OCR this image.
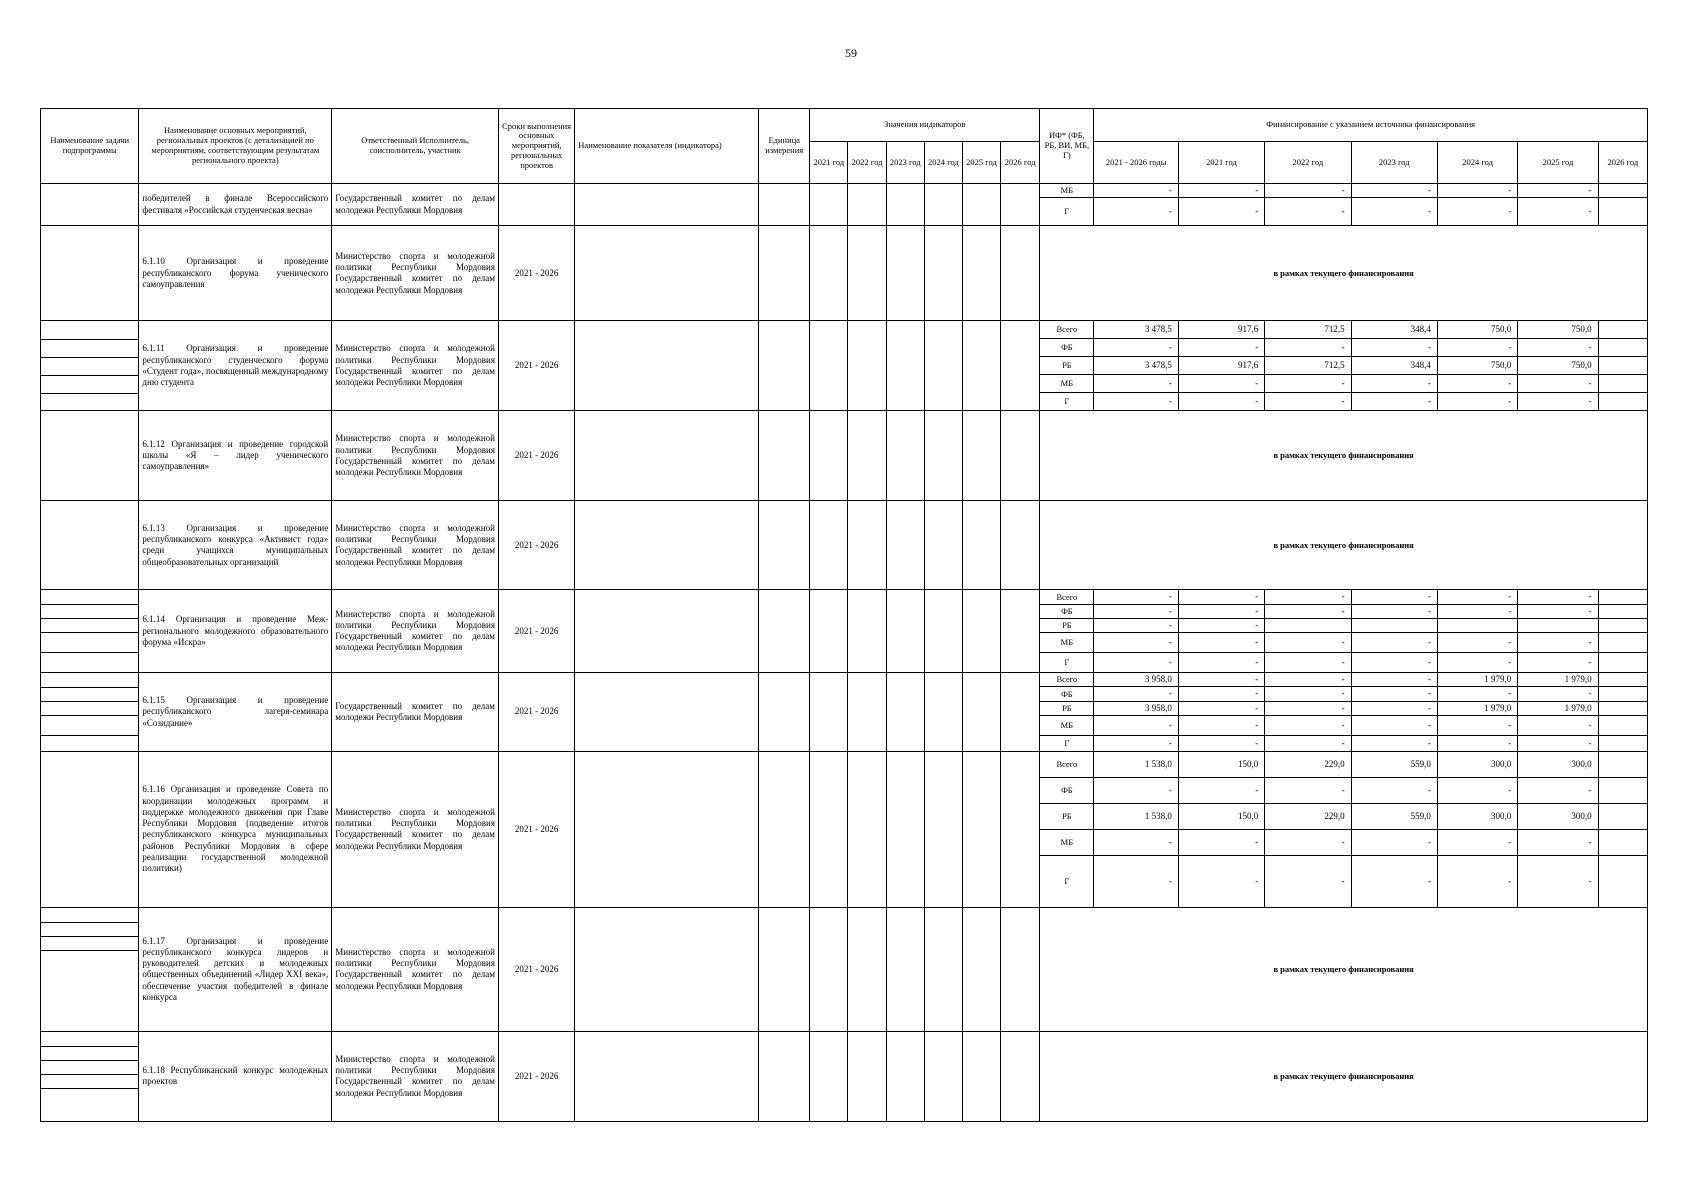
59
Наименование задачи подпрограммы	Наименование основных мероприятий, региональных проектов (с детализацией по мероприятиям, соответствующим результатам регионального проекта)	Ответственный Исполнитель, соисполнитель, участник	Сроки выполнения основных мероприятий, региональных проектов	Наименование показателя (индикатора)	Единица измерения	Значения индикаторов						ИФ* (ФБ, РБ, ВИ, МБ, Г)	Финансирование с указанием источника финансирования						
						2021 год	2022 год	2023 год	2024 год	2025 год	2026 год		2021 - 2026 годы	2021 год	2022 год	2023 год	2024 год	2025 год	2026 год
	победителей в финале Всероссийского фестиваля «Российская студенческая весна»	Государственный комитет по делам молодежи Республики Мордовия										МБ	-	-	-	-	-	-	
												Г	-	-	-	-	-	-	
	6.1.10 Организация и проведение республиканского форума ученического самоуправления	Министерство спорта и молодежной политики Республики Мордовия Государственный комитет по делам молодежи Республики Мордовия	2021 - 2026									в рамках текущего финансирования							

	6.1.11 Организация и проведение республиканского студенческого форума «Студент года», посвященный международному дню студента	Министерство спорта и молодежной политики Республики Мордовия Государственный комитет по делам молодежи Республики Мордовия	2021 - 2026									Всего	3 478,5	917,6	712,5	348,4	750,0	750,0	
												ФБ	-	-	-	-	-	-	
												РБ	3 478,5	917,6	712,5	348,4	750,0	750,0	
												МБ	-	-	-	-	-	-	
												Г	-	-	-	-	-	-	
	6.1.12 Организация и проведение городской школы «Я – лидер ученического самоуправления»	Министерство спорта и молодежной политики Республики Мордовия Государственный комитет по делам молодежи Республики Мордовия	2021 - 2026									в рамках текущего финансирования							
	6.1.13 Организация и проведение республиканского конкурса «Активист года» среди учащихся муниципальных общеобразовательных организаций	Министерство спорта и молодежной политики Республики Мордовия Государственный комитет по делам молодежи Республики Мордовия	2021 - 2026									в рамках текущего финансирования							

	6.1.14 Организация и проведение Меж-регионального молодежного образовательного форума «Искра»	Министерство спорта и молодежной политики Республики Мордовия Государственный комитет по делам молодежи Республики Мордовия	2021 - 2026									Всего	-	-	-	-	-	-	
												ФБ	-	-	-	-	-	-	
												РБ	-	-					
												МБ	-	-	-	-	-	-	
												Г	-	-	-	-	-	-	

	6.1.15 Организация и проведение республиканского лагеря-семинара «Созидание»	Государственный комитет по делам молодежи Республики Мордовия	2021 - 2026									Всего	3 958,0	-	-	-	1 979,0	1 979,0	
												ФБ	-	-	-	-	-	-	
												РБ	3 958,0	-	-	-	1 979,0	1 979,0	
												МБ	-	-	-	-	-	-	
												Г	-	-	-	-	-	-	
	6.1.16 Организация и проведение Совета по координации молодежных программ и поддержке молодежного движения при Главе Республики Мордовия (подведение итогов республиканского конкурса муниципальных районов Республики Мордовия в сфере реализации государственной молодежной политики)	Министерство спорта и молодежной политики Республики Мордовия Государственный комитет по делам молодежи Республики Мордовия	2021 - 2026									Всего	1 538,0	150,0	229,0	559,0	300,0	300,0	
												ФБ	-	-	-	-	-	-	
												РБ	1 538,0	150,0	229,0	559,0	300,0	300,0	
												МБ	-	-	-	-	-	-	
												Г	-	-	-	-	-	-	

	6.1.17 Организация и проведение республиканского конкурса лидеров и руководителей детских и молодежных общественных объединений «Лидер XXI века», обеспечение участия победителей в финале конкурса	Министерство спорта и молодежной политики Республики Мордовия Государственный комитет по делам молодежи Республики Мордовия	2021 - 2026									в рамках текущего финансирования							

	6.1.18 Республиканский конкурс молодежных проектов	Министерство спорта и молодежной политики Республики Мордовия Государственный комитет по делам молодежи Республики Мордовия	2021 - 2026									в рамках текущего финансирования							
